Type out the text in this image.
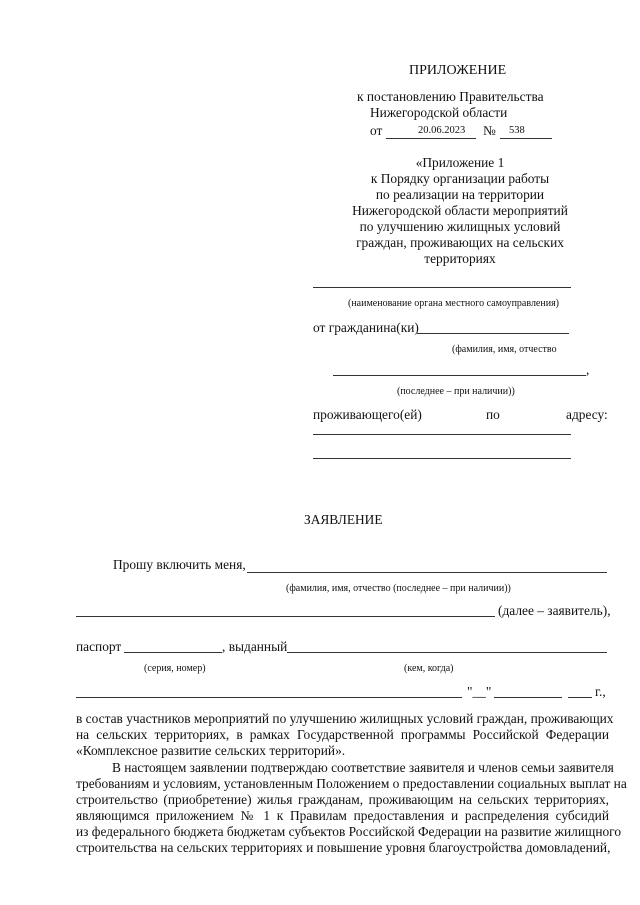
ПРИЛОЖЕНИЕ
к постановлению Правительства
Нижегородской области
от	20.06.2023 № 538
«Приложение 1
к Порядку организации работы
по реализации на территории
Нижегородской области мероприятий
по улучшению жилищных условий
граждан, проживающих на сельских
территориях
(наименование органа местного самоуправления)
от гражданина(ки)
(фамилия, имя, отчество
,
(последнее – при наличии))
проживающего(ей)	по	адресу:
ЗАЯВЛЕНИЕ
Прошу включить меня,
(фамилия, имя, отчество (последнее – при наличии))
(далее – заявитель),
паспорт	, выданный
(серия, номер)	(кем, когда)
"__"	г.,
в состав участников мероприятий по улучшению жилищных условий граждан, проживающих
на сельских территориях, в рамках Государственной программы Российской Федерации
«Комплексное развитие сельских территорий».
В настоящем заявлении подтверждаю соответствие заявителя и членов семьи заявителя
требованиям и условиям, установленным Положением о предоставлении социальных выплат на
строительство (приобретение) жилья гражданам, проживающим на сельских территориях,
являющимся приложением № 1 к Правилам предоставления и распределения субсидий
из федерального бюджета бюджетам субъектов Российской Федерации на развитие жилищного
строительства на сельских территориях и повышение уровня благоустройства домовладений,
